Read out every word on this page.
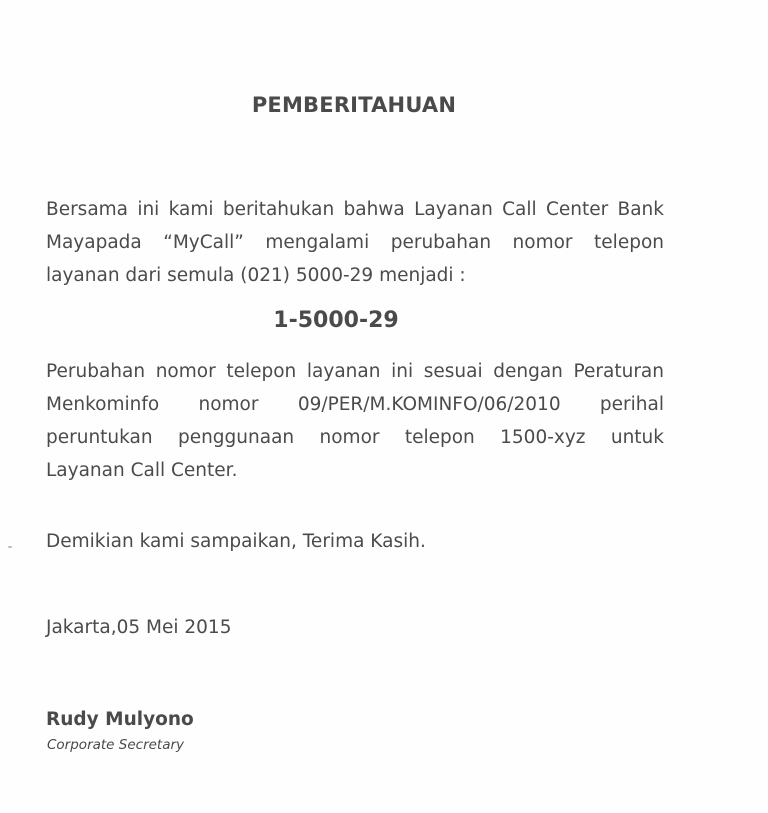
PEMBERITAHUAN
Bersama ini kami beritahukan bahwa Layanan Call Center Bank
Mayapada “MyCall” mengalami perubahan nomor telepon
layanan dari semula (021) 5000-29 menjadi :
1-5000-29
Perubahan nomor telepon layanan ini sesuai dengan Peraturan
Menkominfo nomor 09/PER/M.KOMINFO/06/2010 perihal
peruntukan penggunaan nomor telepon 1500-xyz untuk
Layanan Call Center.
Demikian kami sampaikan, Terima Kasih.
Jakarta,05 Mei 2015
Rudy Mulyono
Corporate Secretary
